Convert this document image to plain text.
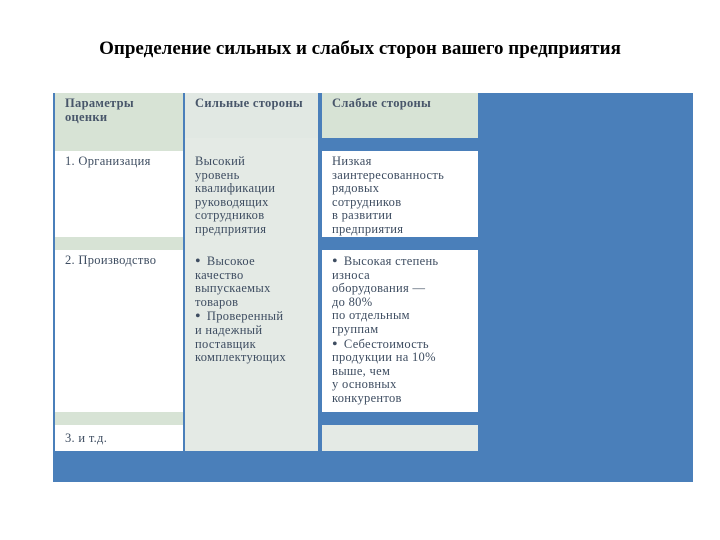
Определение сильных и слабых сторон вашего предприятия
Параметры оценки
Сильные стороны	Слабые стороны
1. Организация	Высокий
уровень
квалификации
руководящих
сотрудников
предприятия
Низкая
заинтересованность
рядовых
сотрудников
в развитии
предприятия
2. Производство
•	Высокое
качество
выпускаемых
товаров
• Проверенный
и надежный
поставщик
комплектующих
• Высокая степень
износа
оборудования —
до 80%
по отдельным
группам
• Себестоимость
продукции на 10%
выше, чем
у основных
конкурентов
3. и т.д.
